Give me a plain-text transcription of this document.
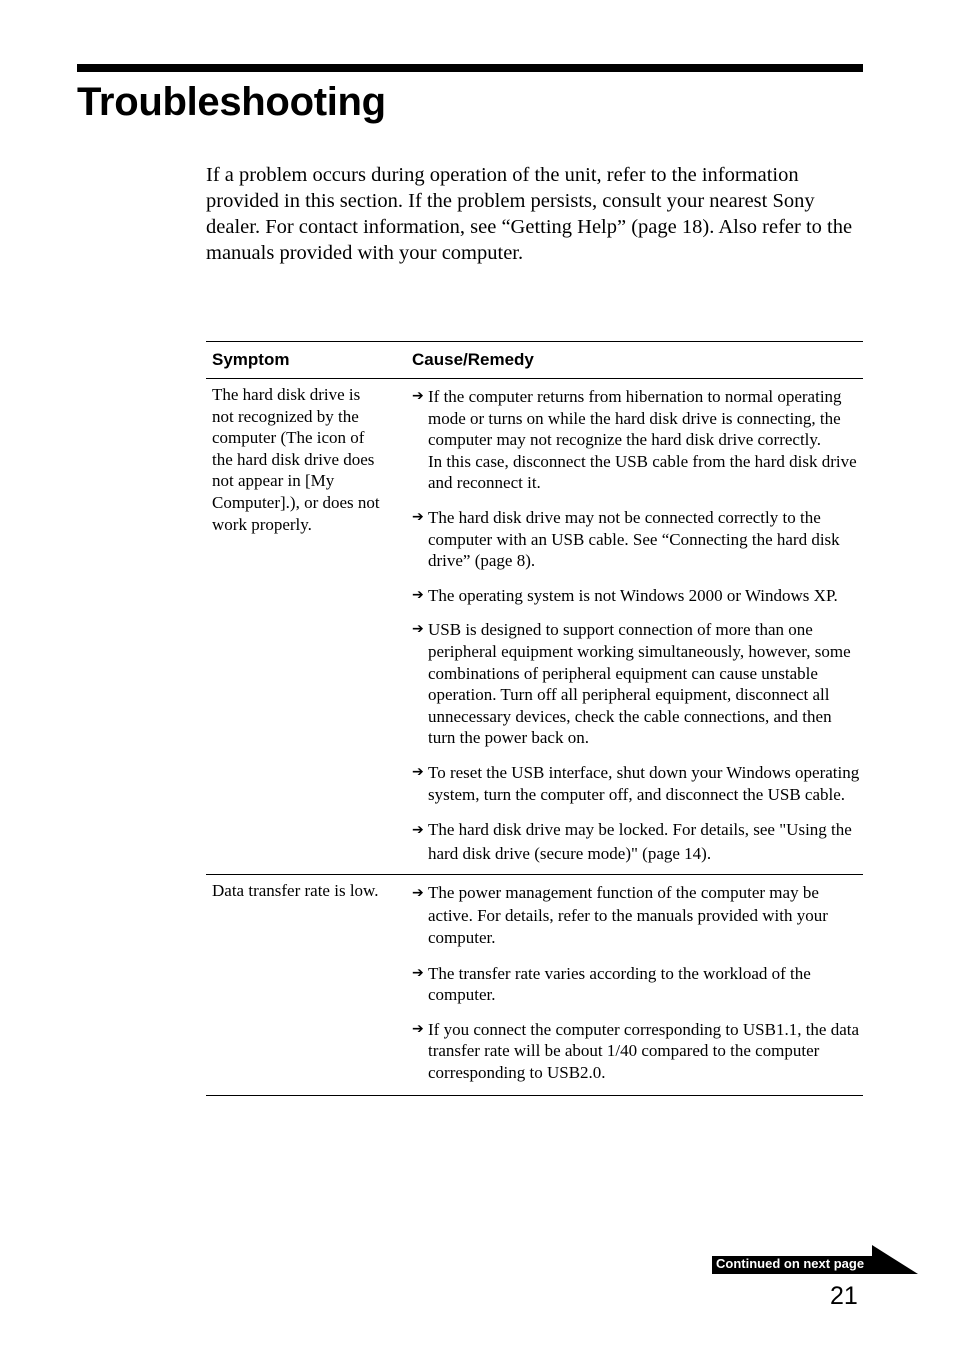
Troubleshooting

If a problem occurs during operation of the unit, refer to the information provided in this section. If the problem persists, consult your nearest Sony dealer. For contact information, see “Getting Help” (page 18). Also refer to the manuals provided with your computer.

Symptom	Cause/Remedy
The hard disk drive is not recognized by the computer (The icon of the hard disk drive does not appear in [My Computer].), or does not work properly.
➔ If the computer returns from hibernation to normal operating mode or turns on while the hard disk drive is connecting, the computer may not recognize the hard disk drive correctly.
In this case, disconnect the USB cable from the hard disk drive and reconnect it.
➔ The hard disk drive may not be connected correctly to the computer with an USB cable. See “Connecting the hard disk drive” (page 8).
➔ The operating system is not Windows 2000 or Windows XP.
➔ USB is designed to support connection of more than one peripheral equipment working simultaneously, however, some combinations of peripheral equipment can cause unstable operation. Turn off all peripheral equipment, disconnect all unnecessary devices, check the cable connections, and then turn the power back on.
➔ To reset the USB interface, shut down your Windows operating system, turn the computer off, and disconnect the USB cable.
➔ The hard disk drive may be locked. For details, see "Using the hard disk drive (secure mode)" (page 14).
Data transfer rate is low.	➔ The power management function of the computer may be active. For details, refer to the manuals provided with your computer.
➔ The transfer rate varies according to the workload of the computer.
➔ If you connect the computer corresponding to USB1.1, the data transfer rate will be about 1/40 compared to the computer corresponding to USB2.0.
Continued on next page
21
